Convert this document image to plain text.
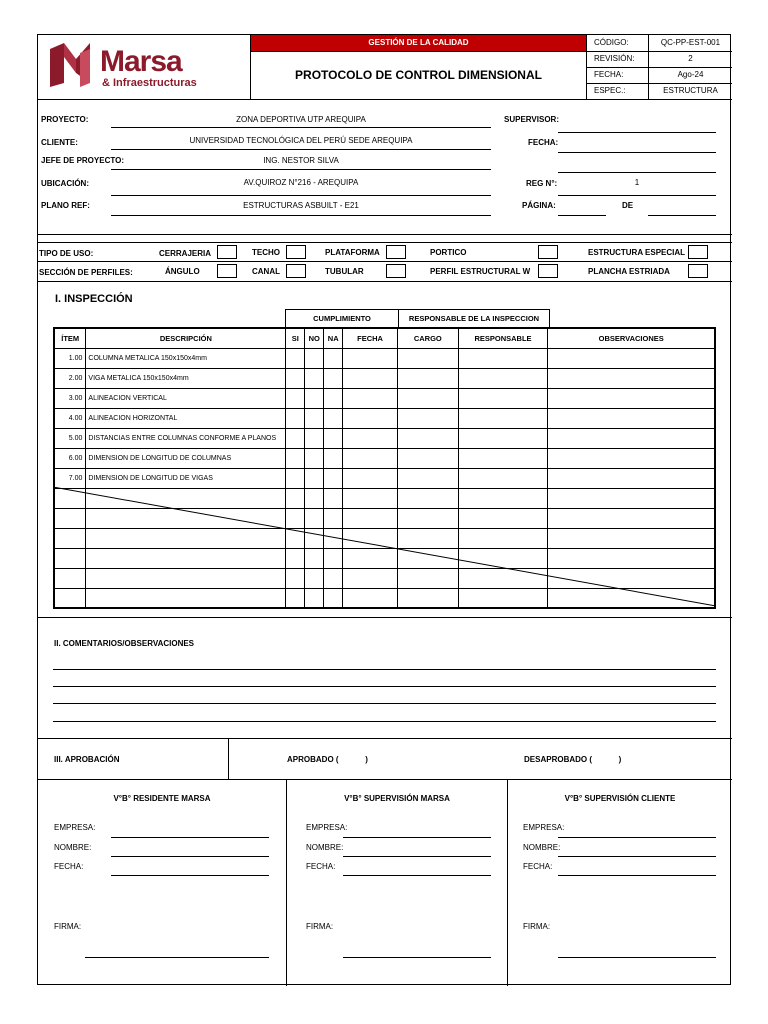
Marsa
& Infraestructuras
GESTIÓN DE LA CALIDAD
PROTOCOLO DE CONTROL DIMENSIONAL
CÓDIGO:	QC-PP-EST-001
REVISIÓN:	2
FECHA:	Ago-24
ESPEC.:	ESTRUCTURA
PROYECTO:	ZONA DEPORTIVA UTP AREQUIPA
CLIENTE:	UNIVERSIDAD TECNOLÓGICA DEL PERÚ SEDE AREQUIPA
JEFE DE PROYECTO:	ING. NESTOR SILVA
UBICACIÓN:	AV.QUIROZ N°216 - AREQUIPA
PLANO REF:	ESTRUCTURAS ASBUILT - E21
SUPERVISOR:
FECHA:
REG N°:	1
PÁGINA:	DE
TIPO DE USO:	CERRAJERIA	TECHO	PLATAFORMA	PORTICO	ESTRUCTURA ESPECIAL
SECCIÓN DE PERFILES:	ÁNGULO	CANAL	TUBULAR	PERFIL ESTRUCTURAL W	PLANCHA ESTRIADA
I. INSPECCIÓN
CUMPLIMIENTO	RESPONSABLE DE LA INSPECCION
ÍTEM	DESCRIPCIÓN	SI	NO	NA	FECHA	CARGO	RESPONSABLE	OBSERVACIONES
1.00	COLUMNA METALICA 150x150x4mm							
2.00	VIGA METALICA 150x150x4mm							
3.00	ALINEACION VERTICAL							
4.00	ALINEACION HORIZONTAL							
5.00	DISTANCIAS ENTRE COLUMNAS CONFORME A PLANOS							
6.00	DIMENSION DE LONGITUD DE COLUMNAS							
7.00	DIMENSION DE LONGITUD DE VIGAS							

II. COMENTARIOS/OBSERVACIONES
III. APROBACIÓN	APROBADO (            )	DESAPROBADO (            )
V°B° RESIDENTE MARSA
EMPRESA:
NOMBRE:
FECHA:
FIRMA:
V°B° SUPERVISIÓN MARSA
EMPRESA:
NOMBRE:
FECHA:
FIRMA:
V°B° SUPERVISIÓN CLIENTE
EMPRESA:
NOMBRE:
FECHA:
FIRMA:
